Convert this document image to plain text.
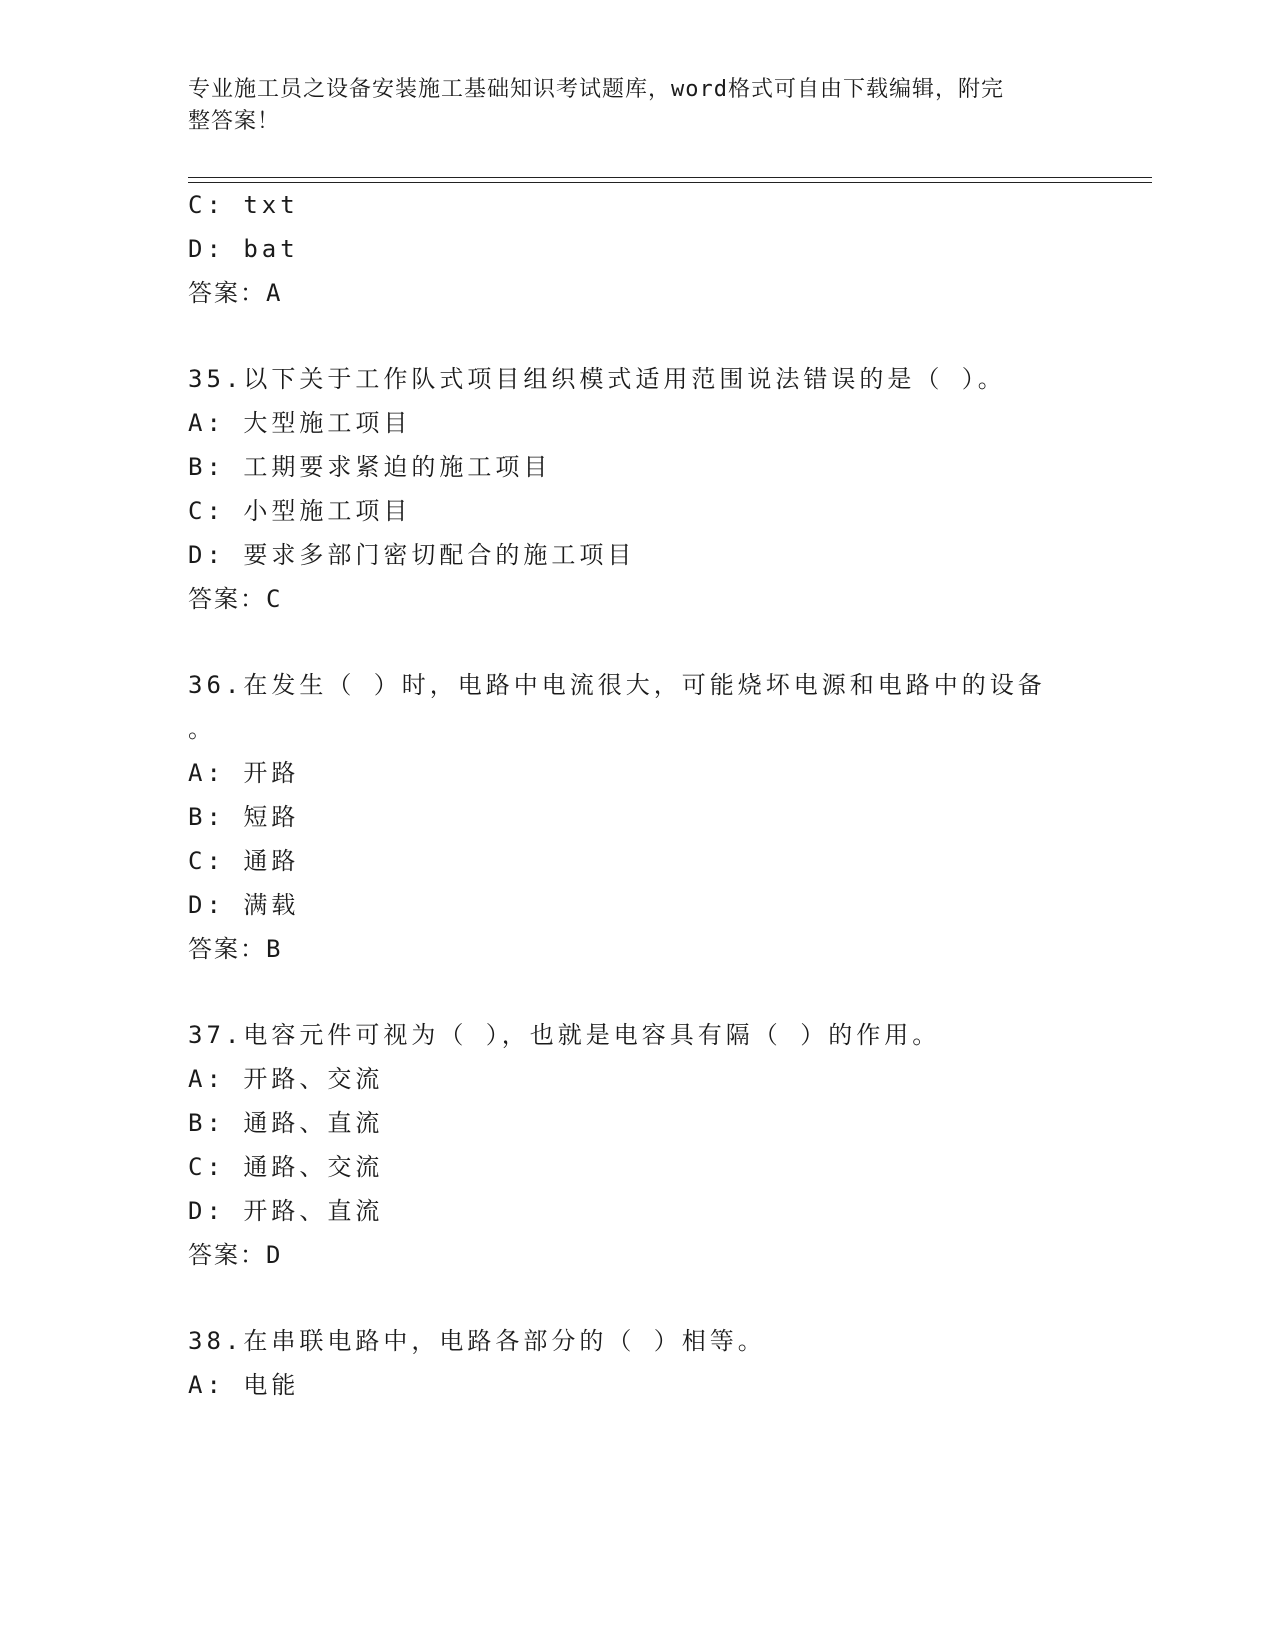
专业施工员之设备安装施工基础知识考试题库，word格式可自由下载编辑，附完
整答案！
C: txt
D: bat
答案：A
35.以下关于工作队式项目组织模式适用范围说法错误的是（ ）。
A: 大型施工项目
B: 工期要求紧迫的施工项目
C: 小型施工项目
D: 要求多部门密切配合的施工项目
答案：C
36.在发生（ ）时，电路中电流很大，可能烧坏电源和电路中的设备
。
A: 开路
B: 短路
C: 通路
D: 满载
答案：B
37.电容元件可视为（ ），也就是电容具有隔（ ）的作用。
A: 开路、交流
B: 通路、直流
C: 通路、交流
D: 开路、直流
答案：D
38.在串联电路中，电路各部分的（ ）相等。
A: 电能
